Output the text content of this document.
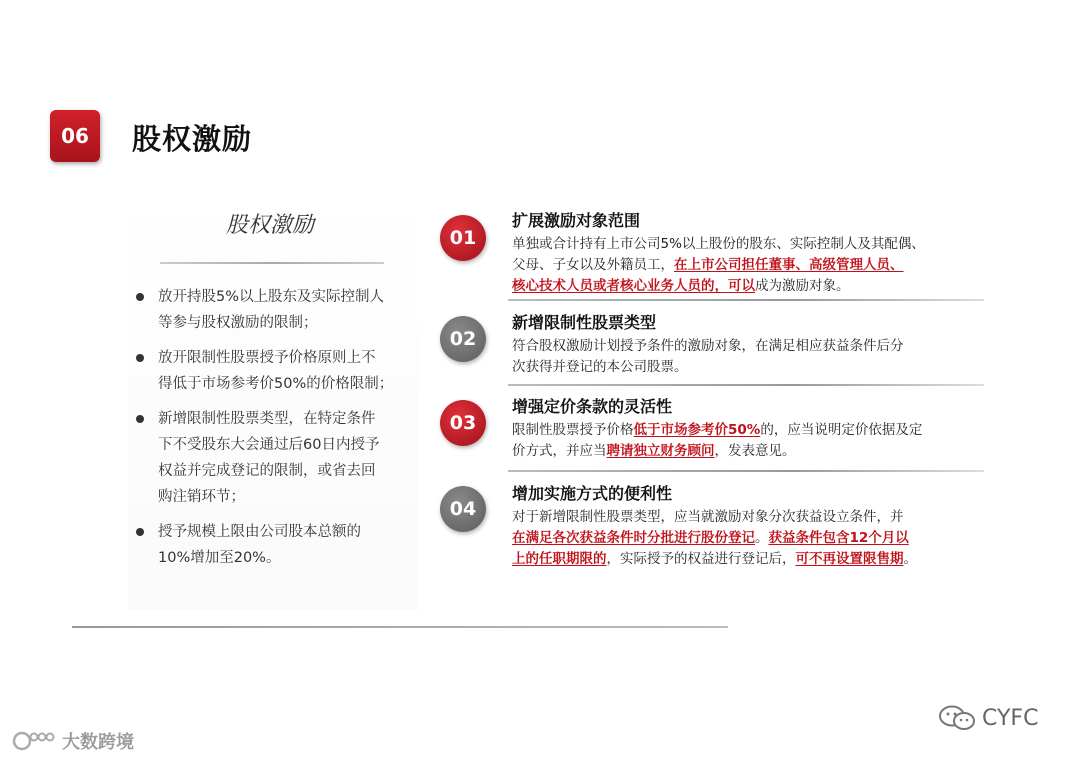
06	股权激励
股权激励
放开持股5%以上股东及实际控制人
等参与股权激励的限制；
放开限制性股票授予价格原则上不
得低于市场参考价50%的价格限制；
新增限制性股票类型，在特定条件
下不受股东大会通过后60日内授予
权益并完成登记的限制，或省去回
购注销环节；
授予规模上限由公司股本总额的
10%增加至20%。
01
扩展激励对象范围
单独或合计持有上市公司5%以上股份的股东、实际控制人及其配偶、
父母、子女以及外籍员工，在上市公司担任董事、高级管理人员、
核心技术人员或者核心业务人员的，可以成为激励对象。
02
新增限制性股票类型
符合股权激励计划授予条件的激励对象，在满足相应获益条件后分
次获得并登记的本公司股票。
03
增强定价条款的灵活性
限制性股票授予价格低于市场参考价50%的，应当说明定价依据及定
价方式，并应当聘请独立财务顾问，发表意见。
04
增加实施方式的便利性
对于新增限制性股票类型，应当就激励对象分次获益设立条件，并
在满足各次获益条件时分批进行股份登记。获益条件包含12个月以
上的任职期限的，实际授予的权益进行登记后，可不再设置限售期。
大数跨境
CYFC
